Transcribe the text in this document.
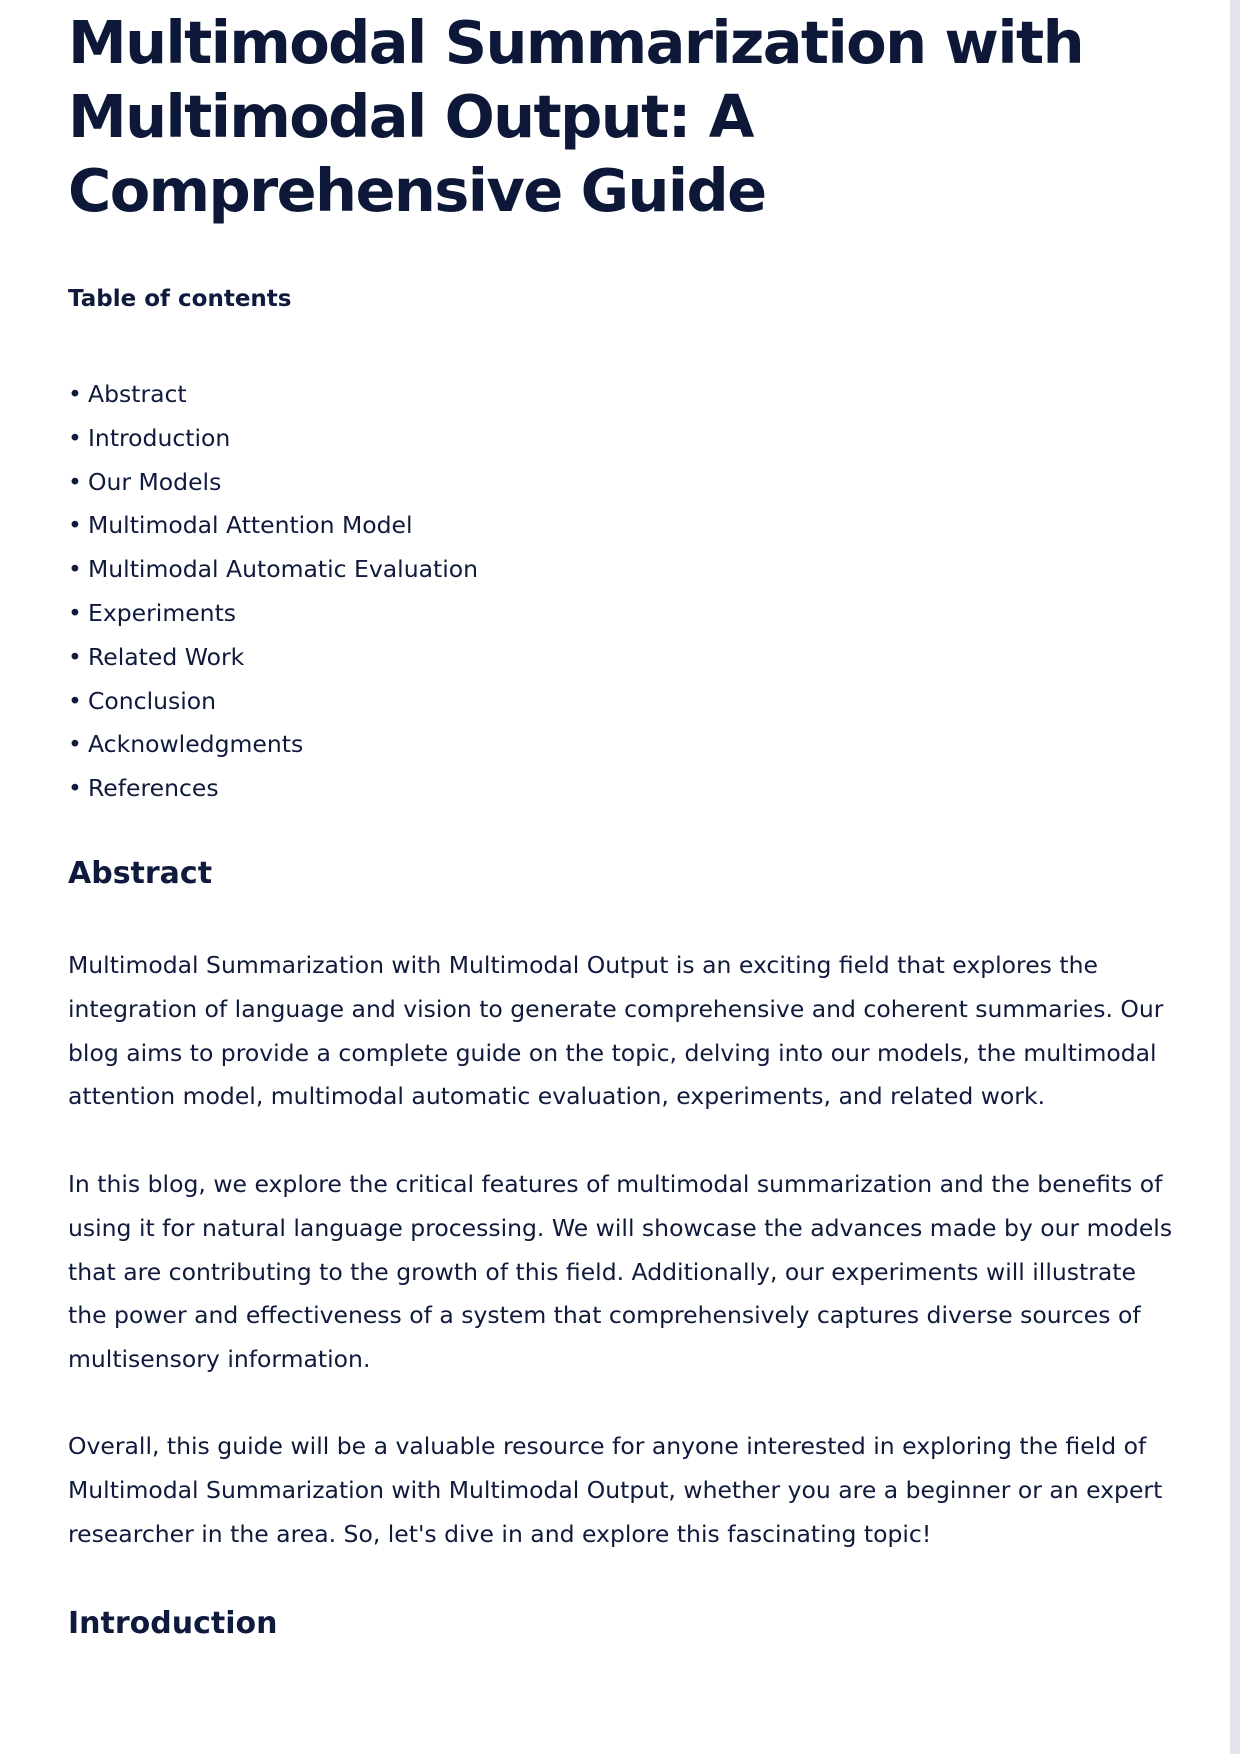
Multimodal Summarization with Multimodal Output: A Comprehensive Guide
Table of contents
• Abstract
• Introduction
• Our Models
• Multimodal Attention Model
• Multimodal Automatic Evaluation
• Experiments
• Related Work
• Conclusion
• Acknowledgments
• References
Abstract

Multimodal Summarization with Multimodal Output is an exciting field that explores the integration of language and vision to generate comprehensive and coherent summaries. Our blog aims to provide a complete guide on the topic, delving into our models, the multimodal attention model, multimodal automatic evaluation, experiments, and related work.

In this blog, we explore the critical features of multimodal summarization and the benefits of using it for natural language processing. We will showcase the advances made by our models that are contributing to the growth of this field. Additionally, our experiments will illustrate the power and effectiveness of a system that comprehensively captures diverse sources of multisensory information.

Overall, this guide will be a valuable resource for anyone interested in exploring the field of Multimodal Summarization with Multimodal Output, whether you are a beginner or an expert researcher in the area. So, let's dive in and explore this fascinating topic!

Introduction
